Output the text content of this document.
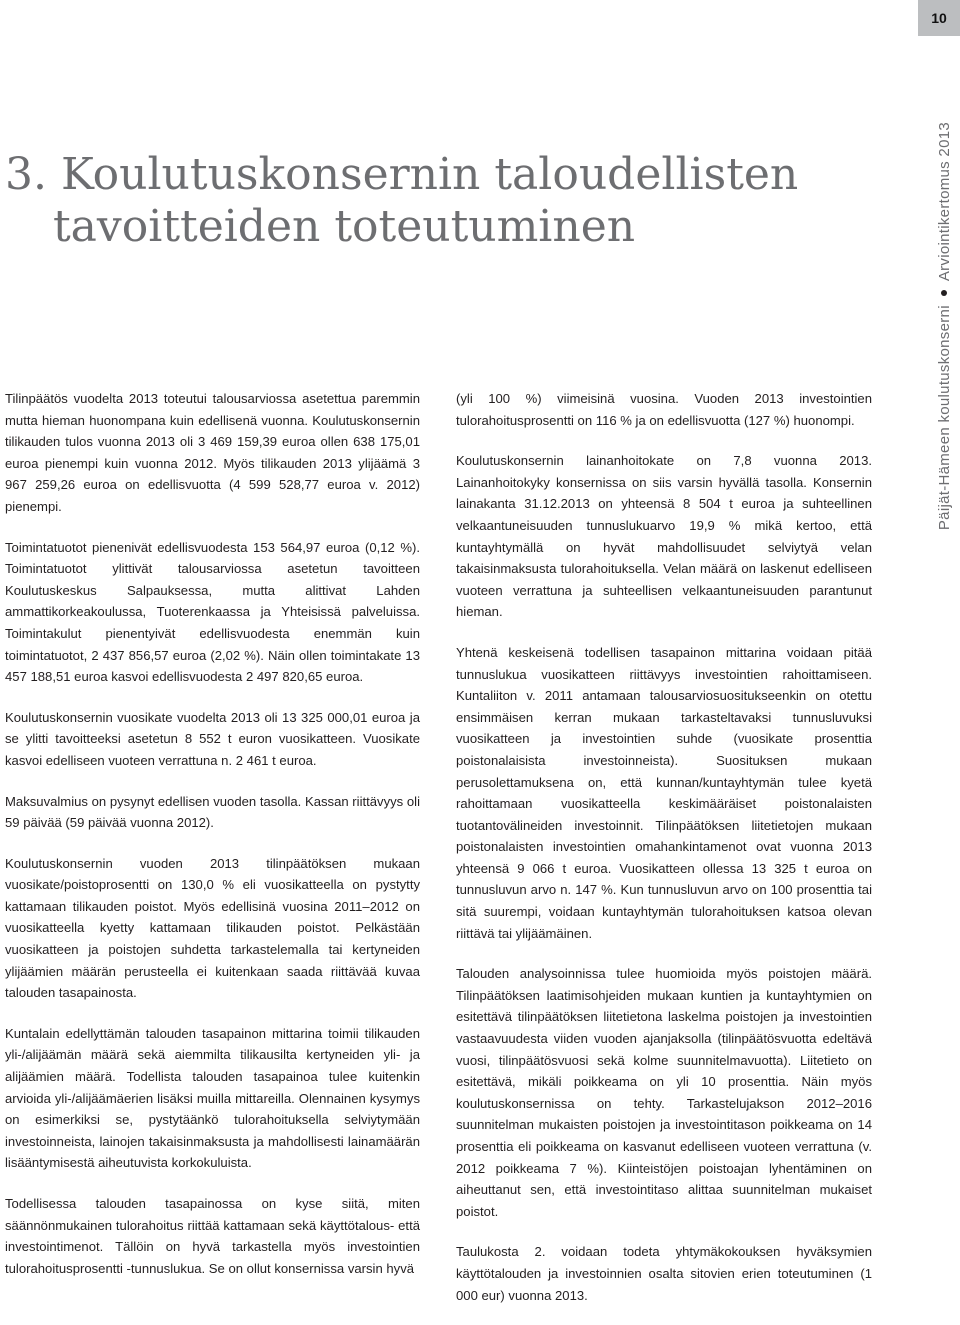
10
3. Koulutuskonsernin taloudellisten
tavoitteiden toteutuminen
Päijät-Hämeen koulutuskonserni
Arviointikertomus 2013

Tilinpäätös vuodelta 2013 toteutui talousarviossa asetettua paremmin mutta hieman huonompana kuin edellisenä vuonna. Koulutuskonsernin tilikauden tulos vuonna 2013 oli 3 469 159,39 euroa ollen 638 175,01 euroa pienempi kuin vuonna 2012. Myös tilikauden 2013 ylijäämä 3 967 259,26 euroa on edellisvuotta (4 599 528,77 euroa v. 2012) pienempi.

Toimintatuotot pienenivät edellisvuodesta 153 564,97 euroa (0,12 %). Toimintatuotot ylittivät talousarviossa asetetun tavoitteen Koulutuskeskus Salpauksessa, mutta alittivat Lahden ammattikorkeakoulussa, Tuoterenkaassa ja Yhteisissä palveluissa. Toimintakulut pienentyivät edellisvuodesta enemmän kuin toimintatuotot, 2 437 856,57 euroa (2,02 %). Näin ollen toimintakate 13 457 188,51 euroa kasvoi edellisvuodesta 2 497 820,65 euroa.

Koulutuskonsernin vuosikate vuodelta 2013 oli 13 325 000,01 euroa ja se ylitti tavoitteeksi asetetun 8 552 t euron vuosikatteen. Vuosikate kasvoi edelliseen vuoteen verrattuna n. 2 461 t euroa.

Maksuvalmius on pysynyt edellisen vuoden tasolla. Kassan riittävyys oli 59 päivää (59 päivää vuonna 2012).

Koulutuskonsernin vuoden 2013 tilinpäätöksen mukaan vuosikate/poistoprosentti on 130,0 % eli vuosikatteella on pystytty kattamaan tilikauden poistot. Myös edellisinä vuosina 2011–2012 on vuosikatteella kyetty kattamaan tilikauden poistot. Pelkästään vuosikatteen ja poistojen suhdetta tarkastelemalla tai kertyneiden ylijäämien määrän perusteella ei kuitenkaan saada riittävää kuvaa talouden tasapainosta.

Kuntalain edellyttämän talouden tasapainon mittarina toimii tilikauden yli-/alijäämän määrä sekä aiemmilta tilikausilta kertyneiden yli- ja alijäämien määrä. Todellista talouden tasapainoa tulee kuitenkin arvioida yli-/alijäämäerien lisäksi muilla mittareilla. Olennainen kysymys on esimerkiksi se, pystytäänkö tulorahoituksella selviytymään investoinneista, lainojen takaisinmaksusta ja mahdollisesti lainamäärän lisääntymisestä aiheutuvista korkokuluista.

Todellisessa talouden tasapainossa on kyse siitä, miten säännönmukainen tulorahoitus riittää kattamaan sekä käyttötalous- että investointimenot. Tällöin on hyvä tarkastella myös investointien tulorahoitusprosentti -tunnuslukua. Se on ollut konsernissa varsin hyvä

(yli 100 %) viimeisinä vuosina. Vuoden 2013 investointien tulorahoitusprosentti on 116 % ja on edellisvuotta (127 %) huonompi.

Koulutuskonsernin lainanhoitokate on 7,8 vuonna 2013. Lainanhoitokyky konsernissa on siis varsin hyvällä tasolla. Konsernin lainakanta 31.12.2013 on yhteensä 8 504 t euroa ja suhteellinen velkaantuneisuuden tunnuslukuarvo 19,9 % mikä kertoo, että kuntayhtymällä on hyvät mahdollisuudet selviytyä velan takaisinmaksusta tulorahoituksella. Velan määrä on laskenut edelliseen vuoteen verrattuna ja suhteellisen velkaantuneisuuden parantunut hieman.

Yhtenä keskeisenä todellisen tasapainon mittarina voidaan pitää tunnuslukua vuosikatteen riittävyys investointien rahoittamiseen. Kuntaliiton v. 2011 antamaan talousarviosuositukseenkin on otettu ensimmäisen kerran mukaan tarkasteltavaksi tunnusluvuksi vuosikatteen ja investointien suhde (vuosikate prosenttia poistonalaisista investoinneista). Suosituksen mukaan perusolettamuksena on, että kunnan/kuntayhtymän tulee kyetä rahoittamaan vuosikatteella keskimääräiset poistonalaisten tuotantovälineiden investoinnit. Tilinpäätöksen liitetietojen mukaan poistonalaisten investointien omahankintamenot ovat vuonna 2013 yhteensä 9 066 t euroa. Vuosikatteen ollessa 13 325 t euroa on tunnusluvun arvo n. 147 %. Kun tunnusluvun arvo on 100 prosenttia tai sitä suurempi, voidaan kuntayhtymän tulorahoituksen katsoa olevan riittävä tai ylijäämäinen.

Talouden analysoinnissa tulee huomioida myös poistojen määrä. Tilinpäätöksen laatimisohjeiden mukaan kuntien ja kuntayhtymien on esitettävä tilinpäätöksen liitetietona laskelma poistojen ja investointien vastaavuudesta viiden vuoden ajanjaksolla (tilinpäätösvuotta edeltävä vuosi, tilinpäätösvuosi sekä kolme suunnitelmavuotta). Liitetieto on esitettävä, mikäli poikkeama on yli 10 prosenttia. Näin myös koulutuskonsernissa on tehty. Tarkastelujakson 2012–2016 suunnitelman mukaisten poistojen ja investointitason poikkeama on 14 prosenttia eli poikkeama on kasvanut edelliseen vuoteen verrattuna (v. 2012 poikkeama 7 %). Kiinteistöjen poistoajan lyhentäminen on aiheuttanut sen, että investointitaso alittaa suunnitelman mukaiset poistot.

Taulukosta 2. voidaan todeta yhtymäkokouksen hyväksymien käyttötalouden ja investoinnien osalta sitovien erien toteutuminen (1 000 eur) vuonna 2013.
